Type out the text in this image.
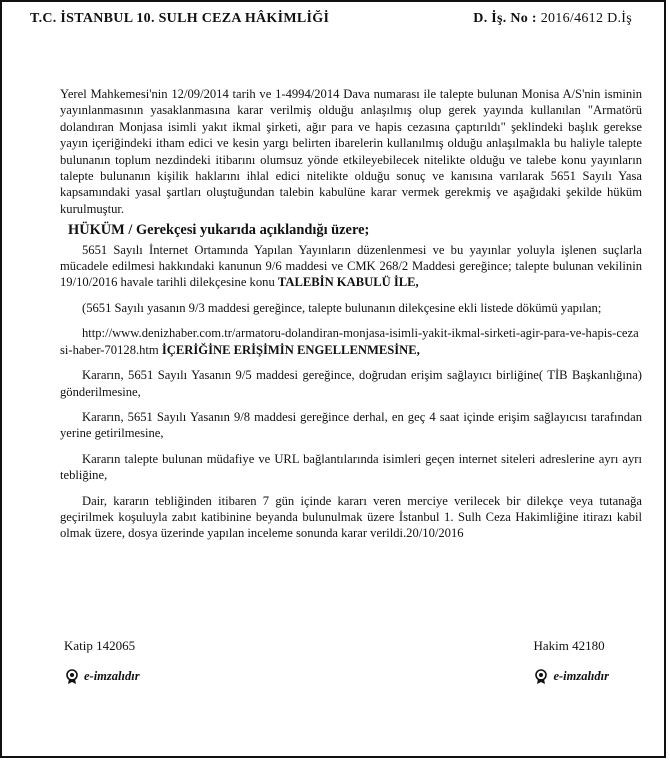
T.C. İSTANBUL 10. SULH CEZA HÂKİMLİĞİ	D. İş. No : 2016/4612 D.İş

Yerel Mahkemesi'nin 12/09/2014 tarih ve 1-4994/2014 Dava numarası ile talepte bulunan Monisa A/S'nin isminin yayınlanmasının yasaklanmasına karar verilmiş olduğu anlaşılmış olup gerek yayında kullanılan "Armatörü dolandıran Monjasa isimli yakıt ikmal şirketi, ağır para ve hapis cezasına çaptırıldı" şeklindeki başlık gerekse yayın içeriğindeki itham edici ve kesin yargı belirten ibarelerin kullanılmış olduğu anlaşılmakla bu haliyle talepte bulunanın toplum nezdindeki itibarını olumsuz yönde etkileyebilecek nitelikte olduğu ve talebe konu yayınların talepte bulunanın kişilik haklarını ihlal edici nitelikte olduğu sonuç ve kanısına varılarak 5651 Sayılı Yasa kapsamındaki yasal şartları oluştuğundan talebin kabulüne karar vermek gerekmiş ve aşağıdaki şekilde hüküm kurulmuştur.

HÜKÜM / Gerekçesi yukarıda açıklandığı üzere;

5651 Sayılı İnternet Ortamında Yapılan Yayınların düzenlenmesi ve bu yayınlar yoluyla işlenen suçlarla mücadele edilmesi hakkındaki kanunun 9/6 maddesi ve CMK 268/2 Maddesi gereğince; talepte bulunan vekilinin 19/10/2016 havale tarihli dilekçesine konu TALEBİN KABULÜ İLE,

(5651 Sayılı yasanın 9/3 maddesi gereğince, talepte bulunanın dilekçesine ekli listede dökümü yapılan;

http://www.denizhaber.com.tr/armatoru-dolandiran-monjasa-isimli-yakit-ikmal-sirketi-agir-para-ve-hapis-cezasi-haber-70128.htm İÇERİĞİNE ERİŞİMİN ENGELLENMESİNE,

Kararın, 5651 Sayılı Yasanın 9/5 maddesi gereğince, doğrudan erişim sağlayıcı birliğine( TİB Başkanlığına) gönderilmesine,

Kararın, 5651 Sayılı Yasanın 9/8 maddesi gereğince derhal, en geç 4 saat içinde erişim sağlayıcısı tarafından yerine getirilmesine,

Kararın talepte bulunan müdafiye ve URL bağlantılarında isimleri geçen internet siteleri adreslerine ayrı ayrı tebliğine,

Dair, kararın tebliğinden itibaren 7 gün içinde kararı veren merciye verilecek bir dilekçe veya tutanağa geçirilmek koşuluyla zabıt katibinine beyanda bulunulmak üzere İstanbul 1. Sulh Ceza Hakimliğine itirazı kabil olmak üzere, dosya üzerinde yapılan inceleme sonunda karar verildi.20/10/2016

Katip 142065
e-imzalıdır
Hakim 42180
e-imzalıdır
